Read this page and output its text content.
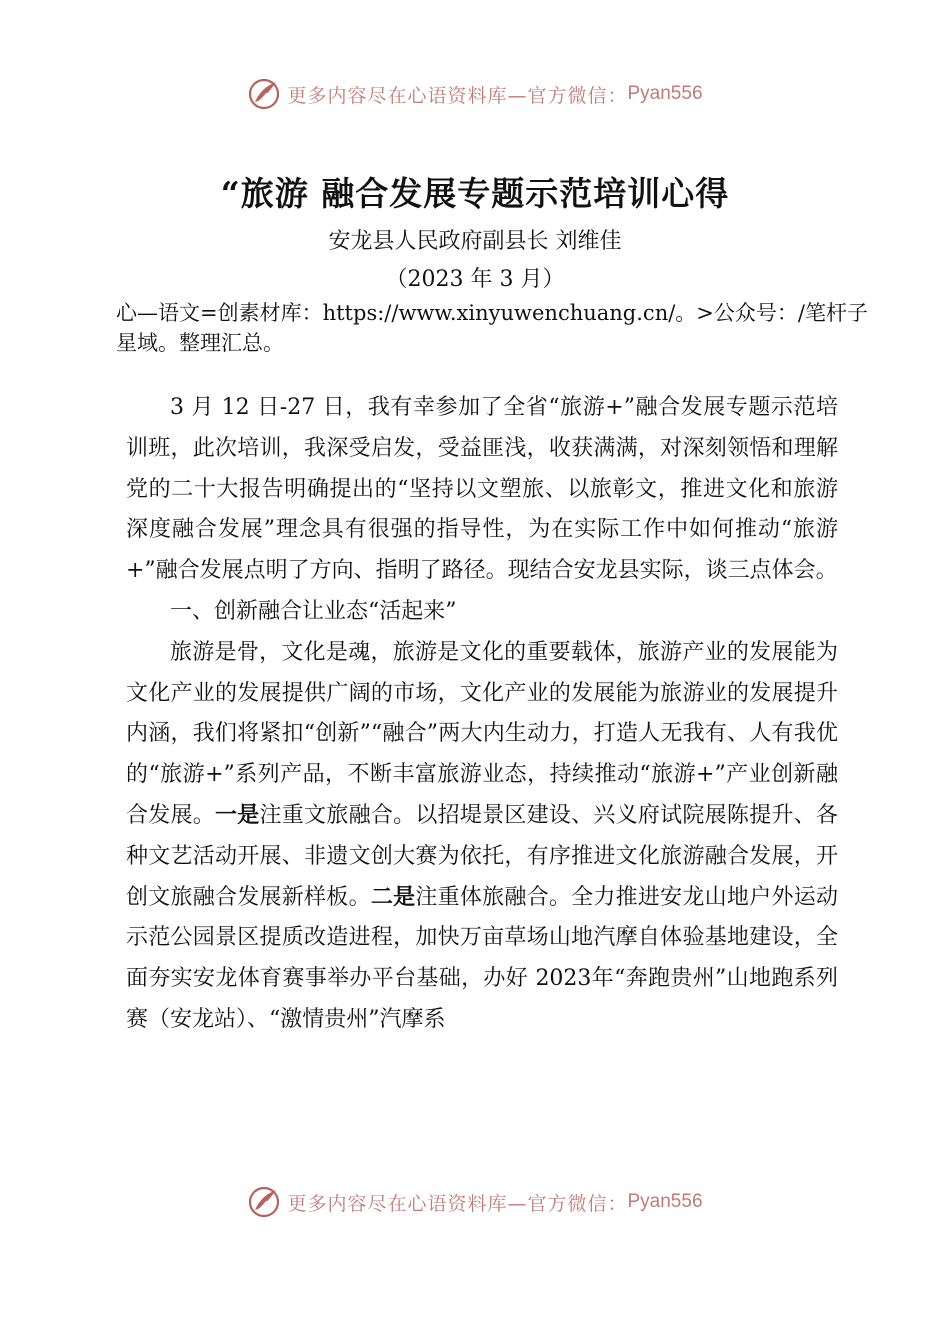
更多内容尽在心语资料库—官方微信： Pyan556
“旅游 融合发展专题示范培训心得
安龙县人民政府副县长 刘维佳
（2023 年 3 月）
心—语文=创素材库：https://www.xinyuwenchuang.cn/。>公众号：/笔杆子星域。整理汇总。

3 月 12 日-27 日，我有幸参加了全省“旅游+”融合发展专题示范培训班，此次培训，我深受启发，受益匪浅，收获满满，对深刻领悟和理解党的二十大报告明确提出的“坚持以文塑旅、以旅彰文，推进文化和旅游深度融合发展”理念具有很强的指导性，为在实际工作中如何推动“旅游+”融合发展点明了方向、指明了路径。现结合安龙县实际，谈三点体会。

一、创新融合让业态“活起来”

旅游是骨，文化是魂，旅游是文化的重要载体，旅游产业的发展能为文化产业的发展提供广阔的市场，文化产业的发展能为旅游业的发展提升内涵，我们将紧扣“创新”“融合”两大内生动力，打造人无我有、人有我优的“旅游+”系列产品，不断丰富旅游业态，持续推动“旅游+”产业创新融合发展。一是注重文旅融合。以招堤景区建设、兴义府试院展陈提升、各种文艺活动开展、非遗文创大赛为依托，有序推进文化旅游融合发展，开创文旅融合发展新样板。二是注重体旅融合。全力推进安龙山地户外运动示范公园景区提质改造进程，加快万亩草场山地汽摩自体验基地建设，全面夯实安龙体育赛事举办平台基础，办好 2023年“奔跑贵州”山地跑系列赛（安龙站）、“激情贵州”汽摩系

更多内容尽在心语资料库—官方微信： Pyan556
